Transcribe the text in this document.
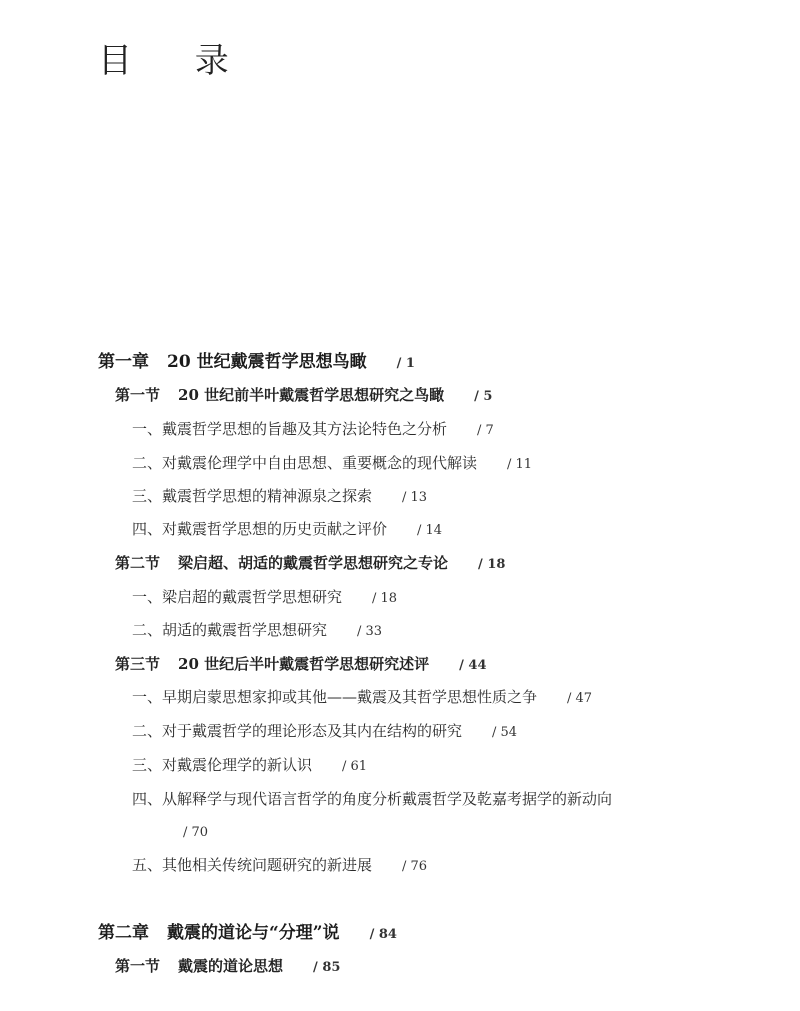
目 录
第一章 20 世纪戴震哲学思想鸟瞰	/ 1
第一节 20 世纪前半叶戴震哲学思想研究之鸟瞰	/ 5
一、戴震哲学思想的旨趣及其方法论特色之分析	/ 7
二、对戴震伦理学中自由思想、重要概念的现代解读	/ 11
三、戴震哲学思想的精神源泉之探索	/ 13
四、对戴震哲学思想的历史贡献之评价	/ 14
第二节 梁启超、胡适的戴震哲学思想研究之专论	/ 18
一、梁启超的戴震哲学思想研究	/ 18
二、胡适的戴震哲学思想研究	/ 33
第三节 20 世纪后半叶戴震哲学思想研究述评	/ 44
一、早期启蒙思想家抑或其他——戴震及其哲学思想性质之争	/ 47
二、对于戴震哲学的理论形态及其内在结构的研究	/ 54
三、对戴震伦理学的新认识	/ 61
四、从解释学与现代语言哲学的角度分析戴震哲学及乾嘉考据学的新动向
/ 70
五、其他相关传统问题研究的新进展	/ 76
第二章 戴震的道论与“分理”说	/ 84
第一节 戴震的道论思想	/ 85
